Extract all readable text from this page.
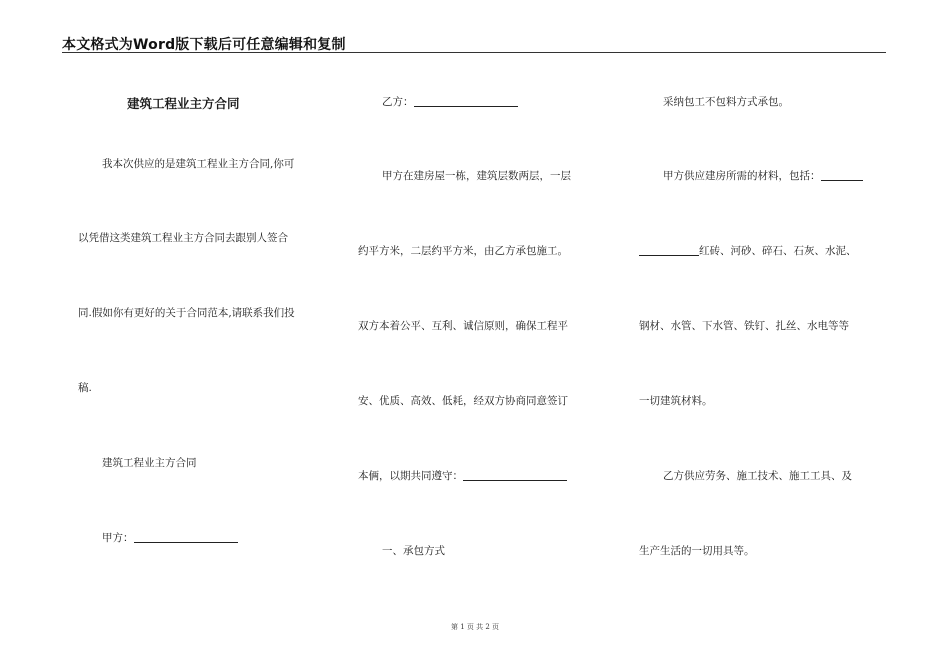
本文格式为Word版下载后可任意编辑和复制
建筑工程业主方合同
我本次供应的是建筑工程业主方合同,你可
以凭借这类建筑工程业主方合同去跟别人签合
同.假如你有更好的关于合同范本,请联系我们投
稿.
建筑工程业主方合同
甲方：
乙方：
甲方在建房屋一栋，建筑层数两层，一层
约平方米，二层约平方米，由乙方承包施工。
双方本着公平、互利、诚信原则，确保工程平
安、优质、高效、低耗，经双方协商同意签订
本俩，以期共同遵守：
一、承包方式
采纳包工不包料方式承包。
甲方供应建房所需的材料，包括：
红砖、河砂、碎石、石灰、水泥、
钢材、水管、下水管、铁钉、扎丝、水电等等
一切建筑材料。
乙方供应劳务、施工技术、施工工具、及
生产生活的一切用具等。
第 1 页 共 2 页
